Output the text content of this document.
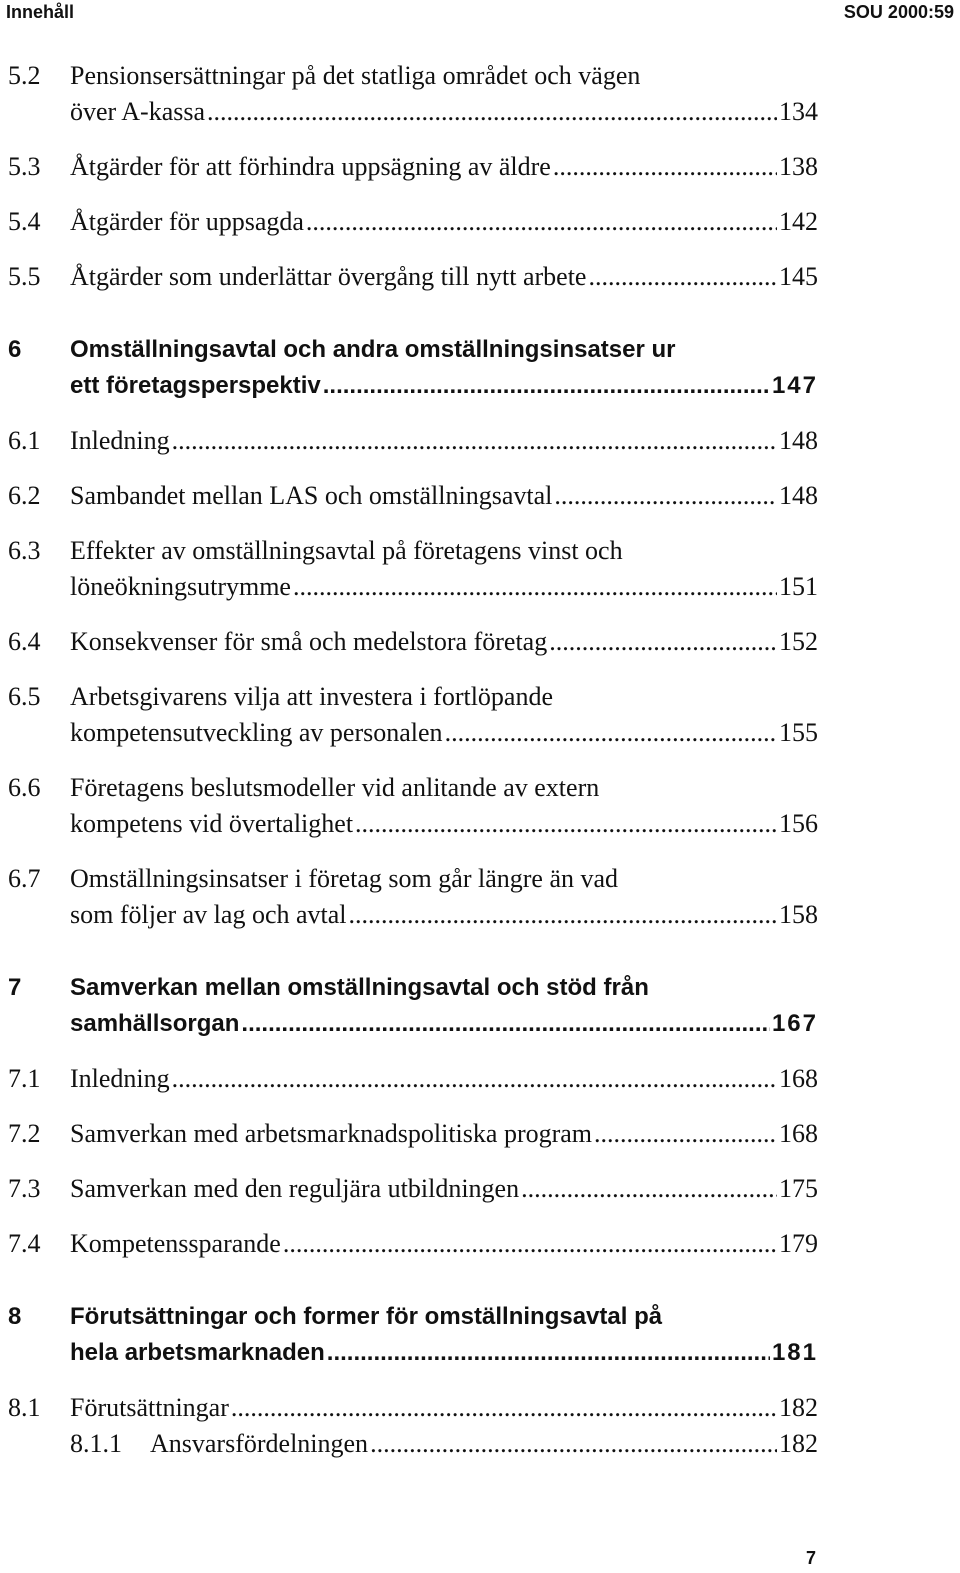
Innehåll	SOU 2000:59
5.2 Pensionsersättningar på det statliga området och vägen
över A-kassa .....	134
5.3 Åtgärder för att förhindra uppsägning av äldre .....	138
5.4 Åtgärder för uppsagda .....	142
5.5 Åtgärder som underlättar övergång till nytt arbete .....	145
6 Omställningsavtal och andra omställningsinsatser ur
ett företagsperspektiv .....	147
6.1 Inledning .....	148
6.2 Sambandet mellan LAS och omställningsavtal .....	148
6.3 Effekter av omställningsavtal på företagens vinst och
löneökningsutrymme .....	151
6.4 Konsekvenser för små och medelstora företag .....	152
6.5 Arbetsgivarens vilja att investera i fortlöpande
kompetensutveckling av personalen .....	155
6.6 Företagens beslutsmodeller vid anlitande av extern
kompetens vid övertalighet .....	156
6.7 Omställningsinsatser i företag som går längre än vad
som följer av lag och avtal .....	158
7 Samverkan mellan omställningsavtal och stöd från
samhällsorgan .....	167
7.1 Inledning .....	168
7.2 Samverkan med arbetsmarknadspolitiska program .....	168
7.3 Samverkan med den reguljära utbildningen .....	175
7.4 Kompetenssparande .....	179
8 Förutsättningar och former för omställningsavtal på
hela arbetsmarknaden .....	181
8.1 Förutsättningar .....	182
8.1.1 Ansvarsfördelningen .....	182
7
